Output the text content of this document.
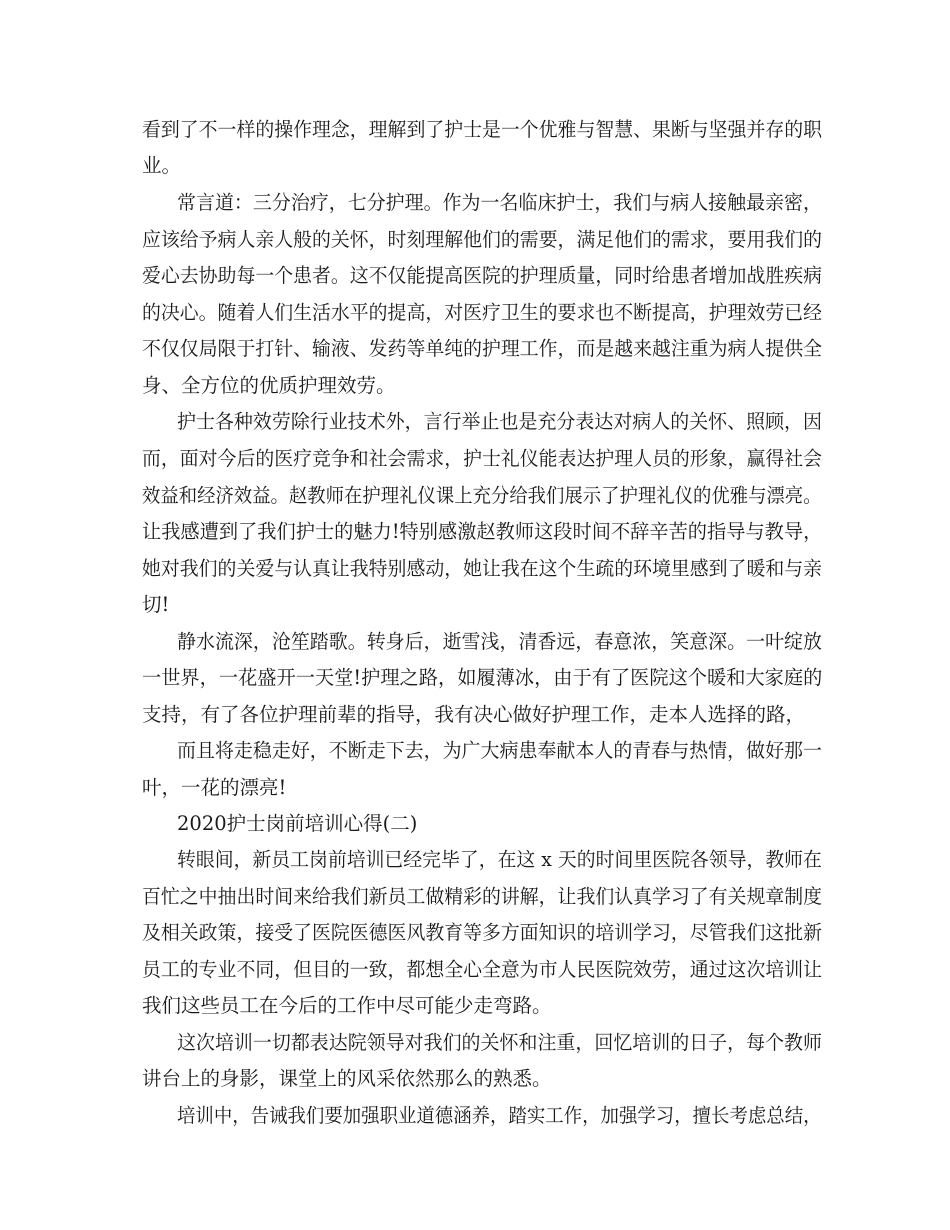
看到了不一样的操作理念，理解到了护士是一个优雅与智慧、果断与坚强并存的职
业。
常言道：三分治疗，七分护理。作为一名临床护士，我们与病人接触最亲密，
应该给予病人亲人般的关怀，时刻理解他们的需要，满足他们的需求，要用我们的
爱心去协助每一个患者。这不仅能提高医院的护理质量，同时给患者增加战胜疾病
的决心。随着人们生活水平的提高，对医疗卫生的要求也不断提高，护理效劳已经
不仅仅局限于打针、输液、发药等单纯的护理工作，而是越来越注重为病人提供全
身、全方位的优质护理效劳。
护士各种效劳除行业技术外，言行举止也是充分表达对病人的关怀、照顾，因
而，面对今后的医疗竞争和社会需求，护士礼仪能表达护理人员的形象，赢得社会
效益和经济效益。赵教师在护理礼仪课上充分给我们展示了护理礼仪的优雅与漂亮。
让我感遭到了我们护士的魅力!特别感激赵教师这段时间不辞辛苦的指导与教导，
她对我们的关爱与认真让我特别感动，她让我在这个生疏的环境里感到了暖和与亲
切!
静水流深，沧笙踏歌。转身后，逝雪浅，清香远，春意浓，笑意深。一叶绽放
一世界，一花盛开一天堂!护理之路，如履薄冰，由于有了医院这个暖和大家庭的
支持，有了各位护理前辈的指导，我有决心做好护理工作，走本人选择的路，
而且将走稳走好，不断走下去，为广大病患奉献本人的青春与热情，做好那一
叶，一花的漂亮!
2020护士岗前培训心得(二)
转眼间，新员工岗前培训已经完毕了，在这 x 天的时间里医院各领导，教师在
百忙之中抽出时间来给我们新员工做精彩的讲解，让我们认真学习了有关规章制度
及相关政策，接受了医院医德医风教育等多方面知识的培训学习，尽管我们这批新
员工的专业不同，但目的一致，都想全心全意为市人民医院效劳，通过这次培训让
我们这些员工在今后的工作中尽可能少走弯路。
这次培训一切都表达院领导对我们的关怀和注重，回忆培训的日子，每个教师
讲台上的身影，课堂上的风采依然那么的熟悉。
培训中，告诫我们要加强职业道德涵养，踏实工作，加强学习，擅长考虑总结，
